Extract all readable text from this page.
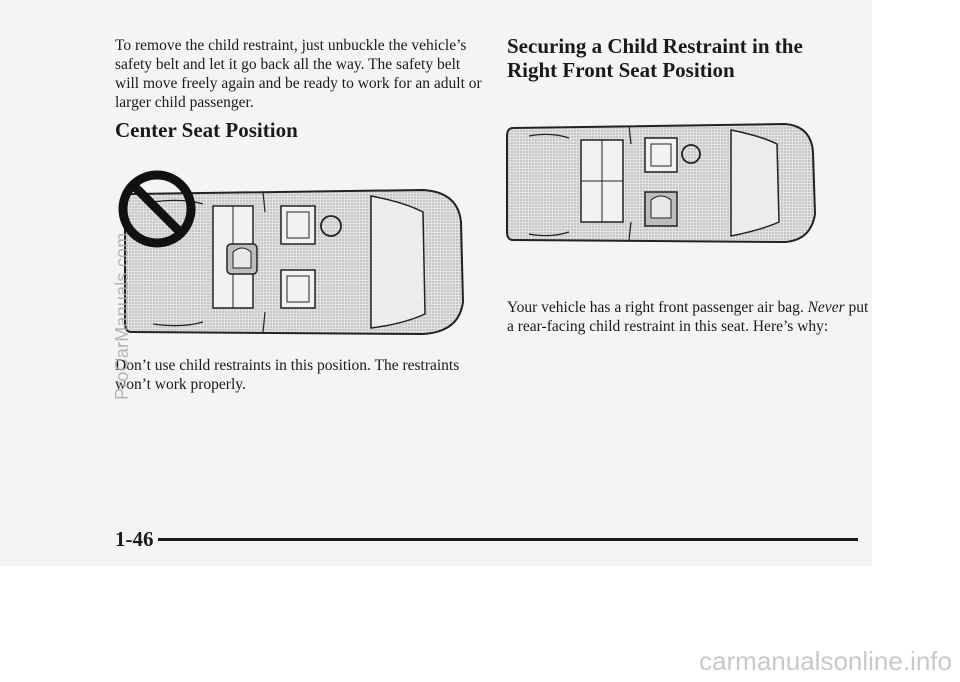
To remove the child restraint, just unbuckle the vehicle’s safety belt and let it go back all the way. The safety belt will move freely again and be ready to work for an adult or larger child passenger.

Center Seat Position

Don’t use child restraints in this position. The restraints won’t work properly.

Securing a Child Restraint in the Right Front Seat Position

Your vehicle has a right front passenger air bag. Never put a rear-facing child restraint in this seat. Here’s why:

1-46
ProCarManuals.com
carmanualsonline.info
